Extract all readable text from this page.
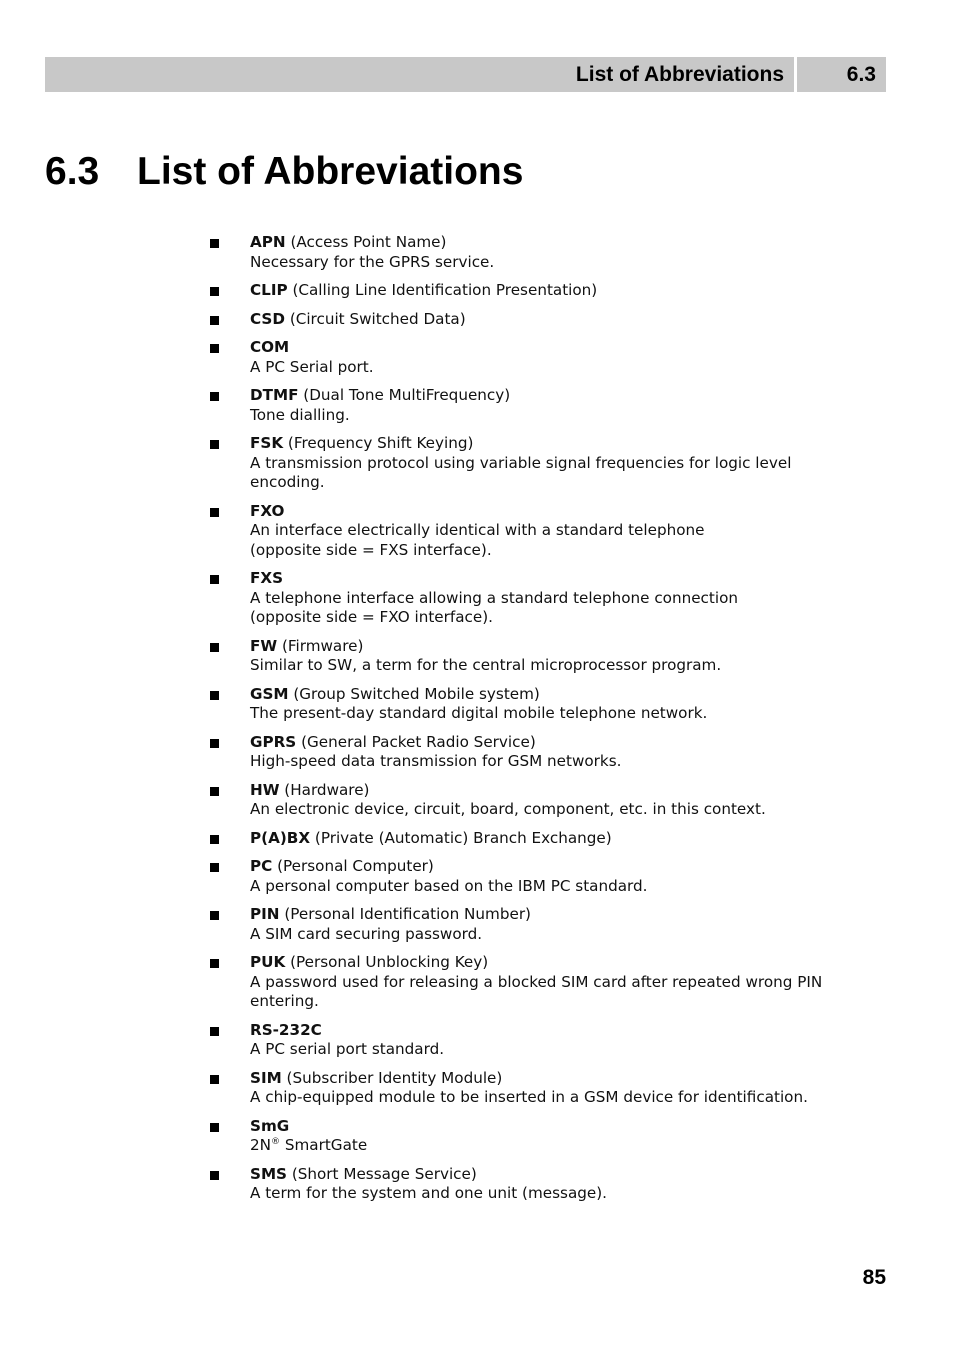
List of Abbreviations	6.3
6.3 List of Abbreviations
APN (Access Point Name)
Necessary for the GPRS service.
CLIP (Calling Line Identification Presentation)
CSD (Circuit Switched Data)
COM
A PC Serial port.
DTMF (Dual Tone MultiFrequency)
Tone dialling.
FSK (Frequency Shift Keying)
A transmission protocol using variable signal frequencies for logic level encoding.
FXO
An interface electrically identical with a standard telephone
(opposite side = FXS interface).
FXS
A telephone interface allowing a standard telephone connection
(opposite side = FXO interface).
FW (Firmware)
Similar to SW, a term for the central microprocessor program.
GSM (Group Switched Mobile system)
The present-day standard digital mobile telephone network.
GPRS (General Packet Radio Service)
High-speed data transmission for GSM networks.
HW (Hardware)
An electronic device, circuit, board, component, etc. in this context.
P(A)BX (Private (Automatic) Branch Exchange)
PC (Personal Computer)
A personal computer based on the IBM PC standard.
PIN (Personal Identification Number)
A SIM card securing password.
PUK (Personal Unblocking Key)
A password used for releasing a blocked SIM card after repeated wrong PIN entering.
RS-232C
A PC serial port standard.
SIM (Subscriber Identity Module)
A chip-equipped module to be inserted in a GSM device for identification.
SmG
2N® SmartGate
SMS (Short Message Service)
A term for the system and one unit (message).
85
